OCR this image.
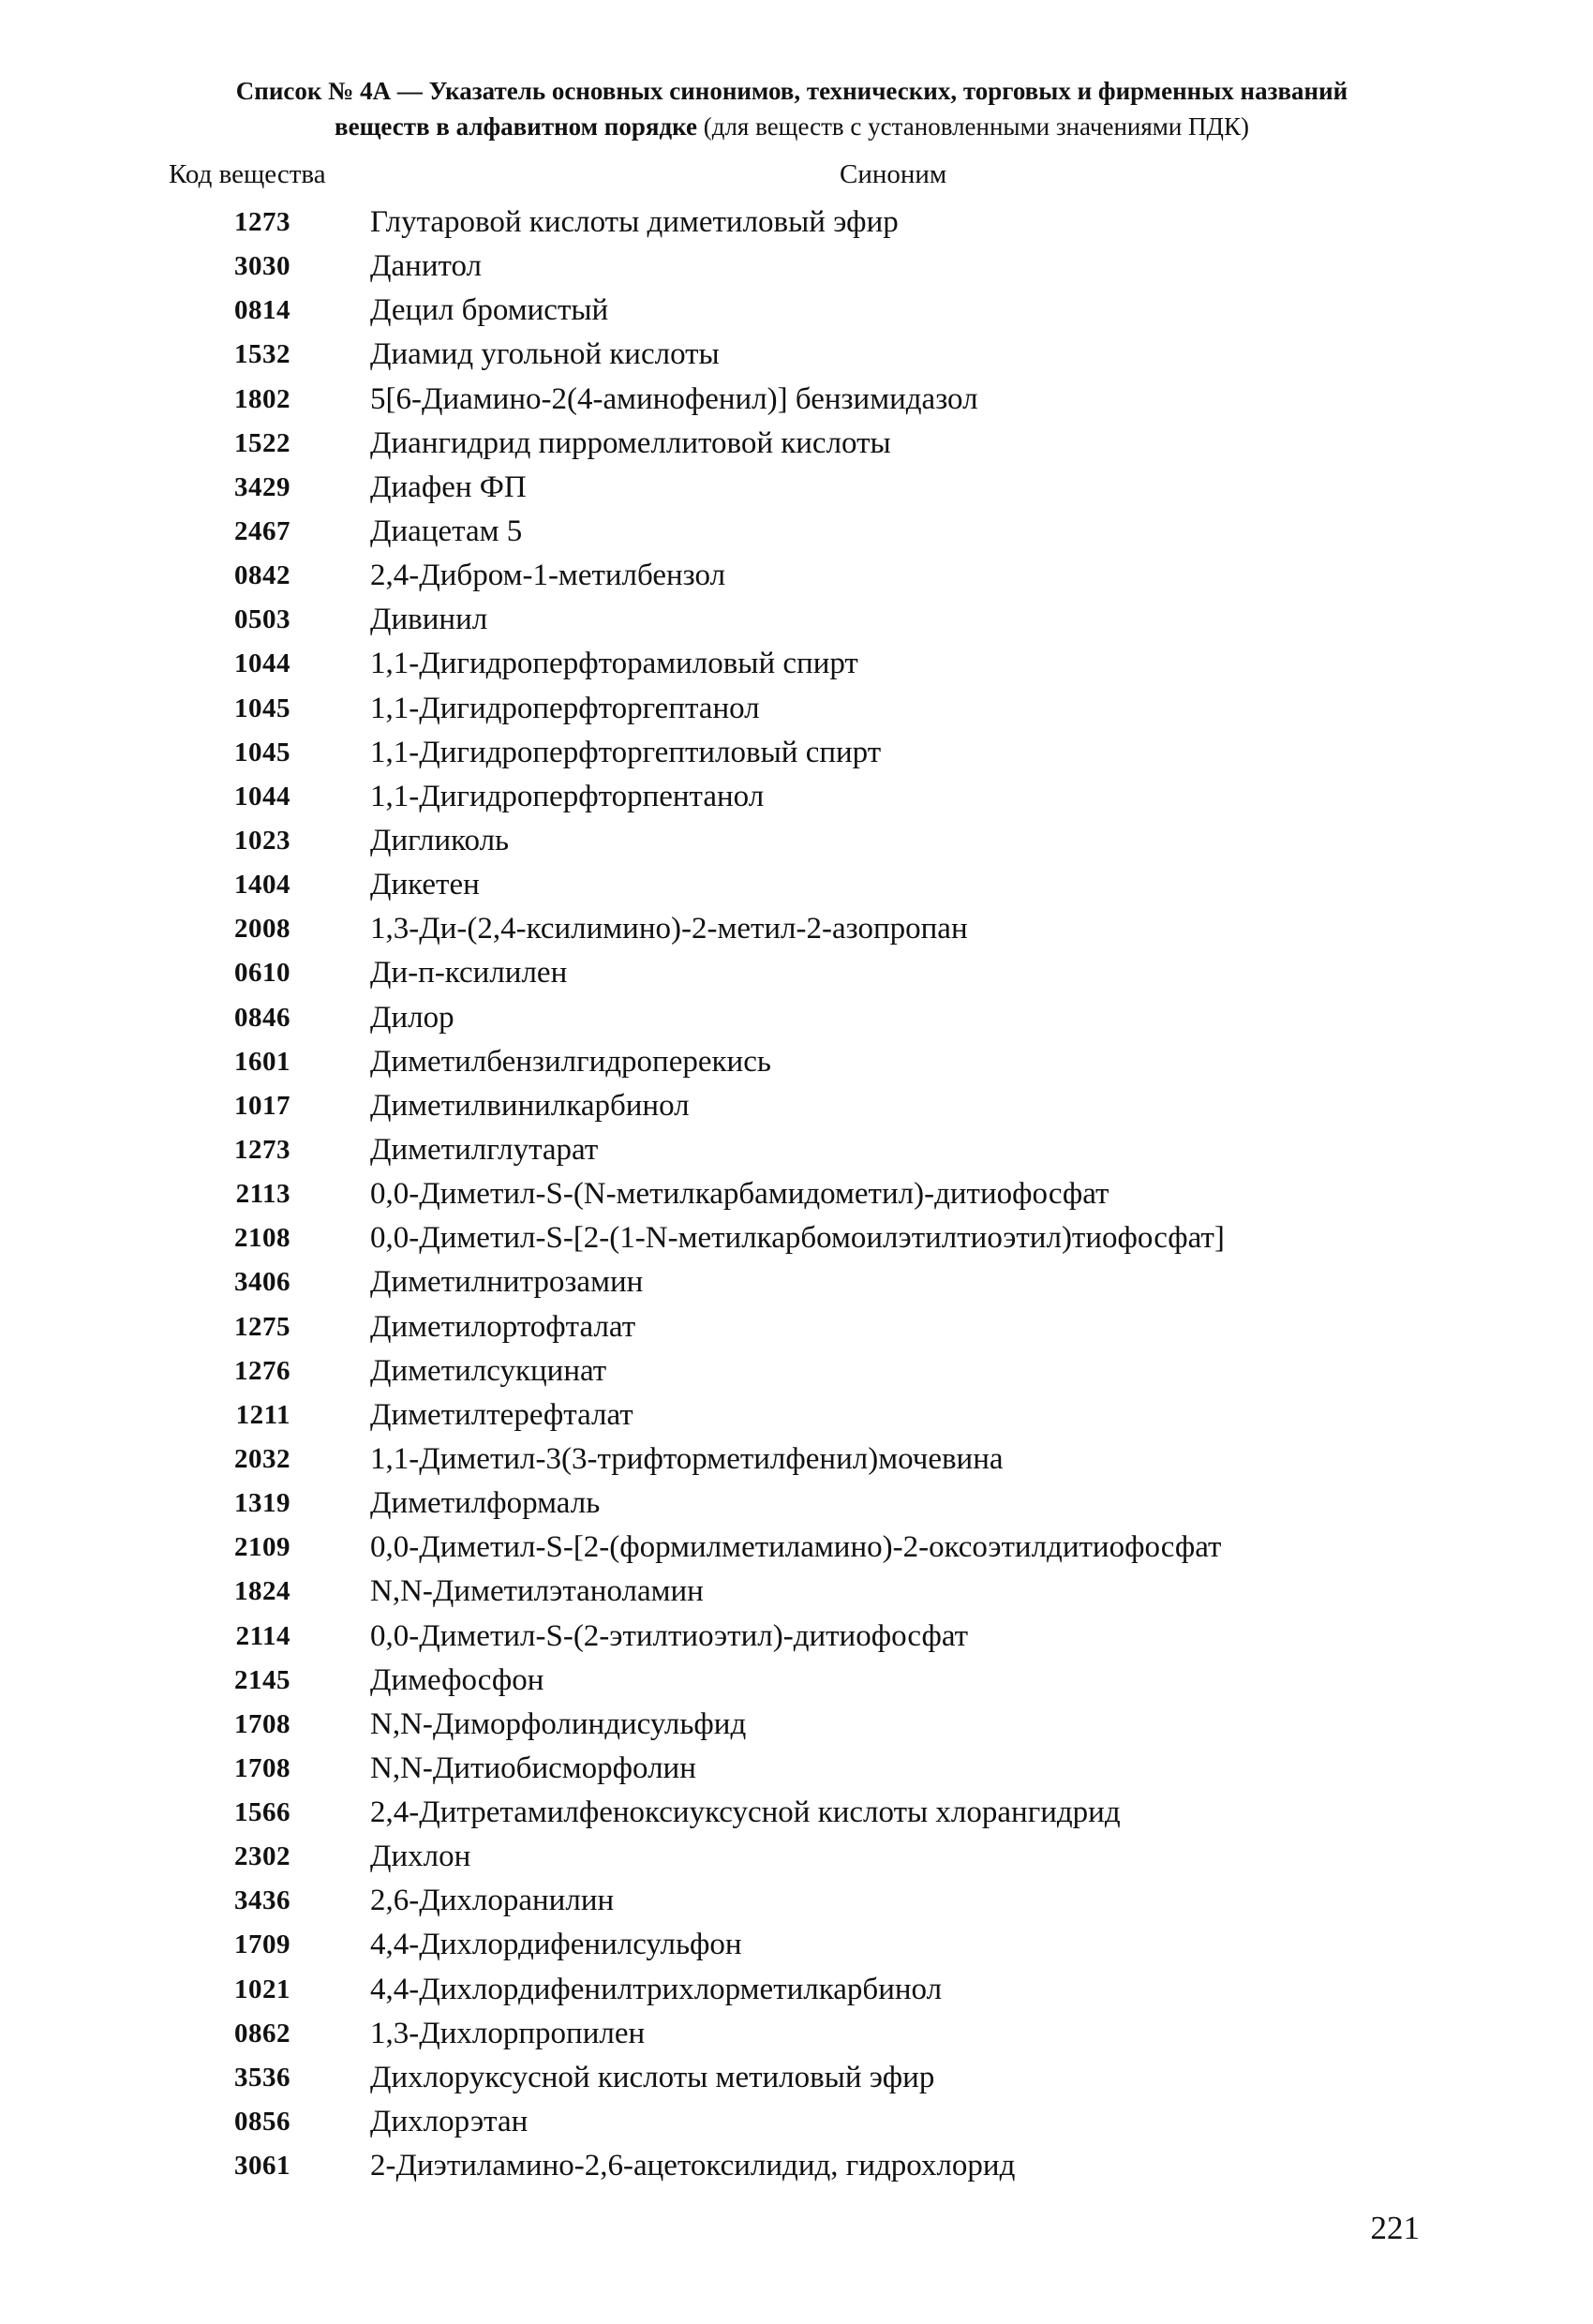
Список № 4А — Указатель основных синонимов, технических, торговых и фирменных названий
веществ в алфавитном порядке (для веществ с установленными значениями ПДК)
Код вещества	Синоним
1273	Глутаровой кислоты диметиловый эфир
3030	Данитол
0814	Децил бромистый
1532	Диамид угольной кислоты
1802	5[6-Диамино-2(4-аминофенил)] бензимидазол
1522	Диангидрид пирромеллитовой кислоты
3429	Диафен ФП
2467	Диацетам 5
0842	2,4-Дибром-1-метилбензол
0503	Дивинил
1044	1,1-Дигидроперфторамиловый спирт
1045	1,1-Дигидроперфторгептанол
1045	1,1-Дигидроперфторгептиловый спирт
1044	1,1-Дигидроперфторпентанол
1023	Дигликоль
1404	Дикетен
2008	1,3-Ди-(2,4-ксилимино)-2-метил-2-азопропан
0610	Ди-п-ксилилен
0846	Дилор
1601	Диметилбензилгидроперекись
1017	Диметилвинилкарбинол
1273	Диметилглутарат
2113	0,0-Диметил-S-(N-метилкарбамидометил)-дитиофосфат
2108	0,0-Диметил-S-[2-(1-N-метилкарбомоилэтилтиоэтил)тиофосфат]
3406	Диметилнитрозамин
1275	Диметилортофталат
1276	Диметилсукцинат
1211	Диметилтерефталат
2032	1,1-Диметил-3(3-трифторметилфенил)мочевина
1319	Диметилформаль
2109	0,0-Диметил-S-[2-(формилметиламино)-2-оксоэтилдитиофосфат
1824	N,N-Диметилэтаноламин
2114	0,0-Диметил-S-(2-этилтиоэтил)-дитиофосфат
2145	Димефосфон
1708	N,N-Диморфолиндисульфид
1708	N,N-Дитиобисморфолин
1566	2,4-Дитретамилфеноксиуксусной кислоты хлорангидрид
2302	Дихлон
3436	2,6-Дихлоранилин
1709	4,4-Дихлордифенилсульфон
1021	4,4-Дихлордифенилтрихлорметилкарбинол
0862	1,3-Дихлорпропилен
3536	Дихлоруксусной кислоты метиловый эфир
0856	Дихлорэтан
3061	2-Диэтиламино-2,6-ацетоксилидид, гидрохлорид
221
